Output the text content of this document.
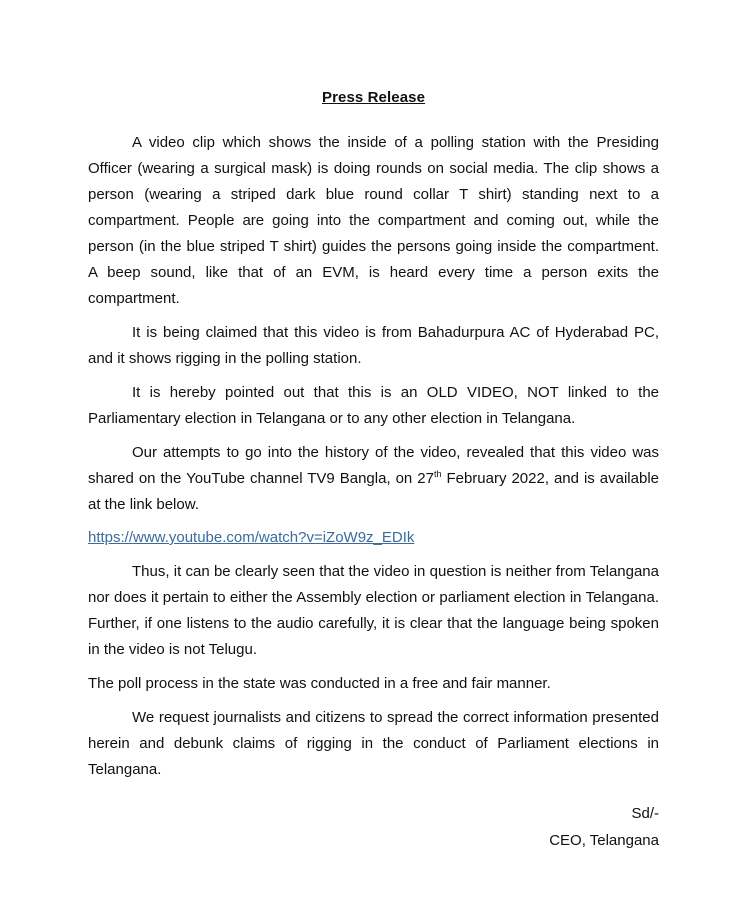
Press Release

A video clip which shows the inside of a polling station with the Presiding Officer (wearing a surgical mask) is doing rounds on social media. The clip shows a person (wearing a striped dark blue round collar T shirt) standing next to a compartment. People are going into the compartment and coming out, while the person (in the blue striped T shirt) guides the persons going inside the compartment. A beep sound, like that of an EVM, is heard every time a person exits the compartment.

It is being claimed that this video is from Bahadurpura AC of Hyderabad PC, and it shows rigging in the polling station.

It is hereby pointed out that this is an OLD VIDEO, NOT linked to the Parliamentary election in Telangana or to any other election in Telangana.

Our attempts to go into the history of the video, revealed that this video was shared on the YouTube channel TV9 Bangla, on 27th February 2022, and is available at the link below.

https://www.youtube.com/watch?v=iZoW9z_EDIk

Thus, it can be clearly seen that the video in question is neither from Telangana nor does it pertain to either the Assembly election or parliament election in Telangana. Further, if one listens to the audio carefully, it is clear that the language being spoken in the video is not Telugu.

The poll process in the state was conducted in a free and fair manner.

We request journalists and citizens to spread the correct information presented herein and debunk claims of rigging in the conduct of Parliament elections in Telangana.

Sd/-
CEO, Telangana
